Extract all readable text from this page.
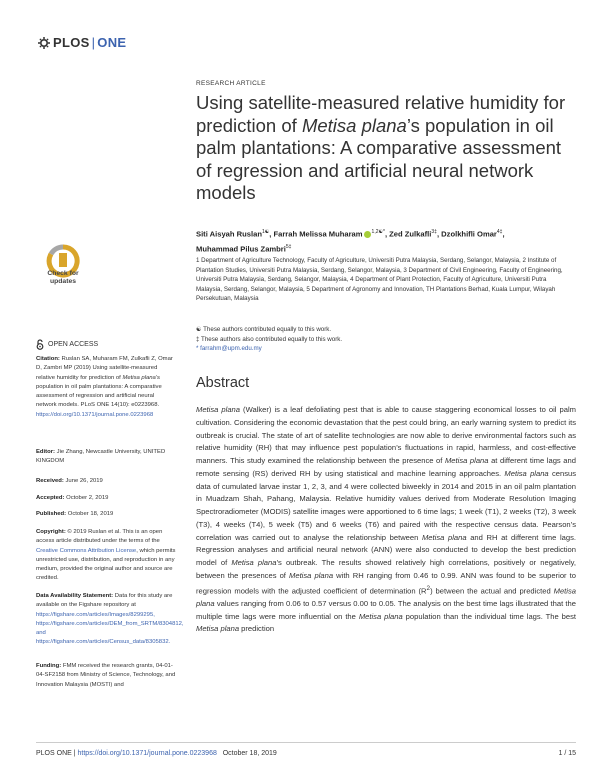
PLOS | ONE
RESEARCH ARTICLE
Using satellite-measured relative humidity for prediction of Metisa plana’s population in oil palm plantations: A comparative assessment of regression and artificial neural network models
Siti Aisyah Ruslan$^{1☯}$, Farrah Melissa Muharam $^{1,2☯*}$, Zed Zulkafli$^{3\ddagger}$, Dzolkhifli Omar$^{4\ddagger}$,
Muhammad Pilus Zambri$^{5\ddagger}$
1 Department of Agriculture Technology, Faculty of Agriculture, Universiti Putra Malaysia, Serdang, Selangor, Malaysia, 2 Institute of Plantation Studies, Universiti Putra Malaysia, Serdang, Selangor, Malaysia, 3 Department of Civil Engineering, Faculty of Engineering, Universiti Putra Malaysia, Serdang, Selangor, Malaysia, 4 Department of Plant Protection, Faculty of Agriculture, Universiti Putra Malaysia, Serdang, Selangor, Malaysia, 5 Department of Agronomy and Innovation, TH Plantations Berhad, Kuala Lumpur, Wilayah Persekutuan, Malaysia
☯ These authors contributed equally to this work.
‡ These authors also contributed equally to this work.
* farrahm@upm.edu.my
Check for
updates
OPEN ACCESS
Citation: Ruslan SA, Muharam FM, Zulkafli Z, Omar D, Zambri MP (2019) Using satellite-measured relative humidity for prediction of Metisa plana’s population in oil palm plantations: A comparative assessment of regression and artificial neural network models. PLoS ONE 14(10): e0223968. https://doi.org/10.1371/journal.pone.0223968
Editor: Jie Zhang, Newcastle University, UNITED KINGDOM
Received: June 26, 2019
Accepted: October 2, 2019
Published: October 18, 2019
Copyright: © 2019 Ruslan et al. This is an open access article distributed under the terms of the Creative Commons Attribution License, which permits unrestricted use, distribution, and reproduction in any medium, provided the original author and source are credited.
Data Availability Statement: Data for this study are available on the Figshare repository at https://figshare.com/articles/Images/8299295, https://figshare.com/articles/DEM_from_SRTM/8304812, and https://figshare.com/articles/Census_data/8305832.
Funding: FMM received the research grants, 04-01-04-SF2158 from Ministry of Science, Technology, and Innovation Malaysia (MOSTI) and
Abstract
Metisa plana (Walker) is a leaf defoliating pest that is able to cause staggering economical losses to oil palm cultivation. Considering the economic devastation that the pest could bring, an early warning system to predict its outbreak is crucial. The state of art of satellite technologies are now able to derive environmental factors such as relative humidity (RH) that may influence pest population’s fluctuations in rapid, harmless, and cost-effective manners. This study examined the relationship between the presence of Metisa plana at different time lags and remote sensing (RS) derived RH by using statistical and machine learning approaches. Metisa plana census data of cumulated larvae instar 1, 2, 3, and 4 were collected biweekly in 2014 and 2015 in an oil palm plantation in Muadzam Shah, Pahang, Malaysia. Relative humidity values derived from Moderate Resolution Imaging Spectroradiometer (MODIS) satellite images were apportioned to 6 time lags; 1 week (T1), 2 weeks (T2), 3 week (T3), 4 weeks (T4), 5 week (T5) and 6 weeks (T6) and paired with the respective census data. Pearson’s correlation was carried out to analyse the relationship between Metisa plana and RH at different time lags. Regression analyses and artificial neural network (ANN) were also conducted to develop the best prediction model of Metisa plana’s outbreak. The results showed relatively high correlations, positively or negatively, between the presences of Metisa plana with RH ranging from 0.46 to 0.99. ANN was found to be superior to regression models with the adjusted coefficient of determination $(R^2)$ between the actual and predicted Metisa plana values ranging from 0.06 to 0.57 versus 0.00 to 0.05. The analysis on the best time lags illustrated that the multiple time lags were more influential on the Metisa plana population than the individual time lags. The best Metisa plana prediction
PLOS ONE | https://doi.org/10.1371/journal.pone.0223968 October 18, 2019	1 / 15
